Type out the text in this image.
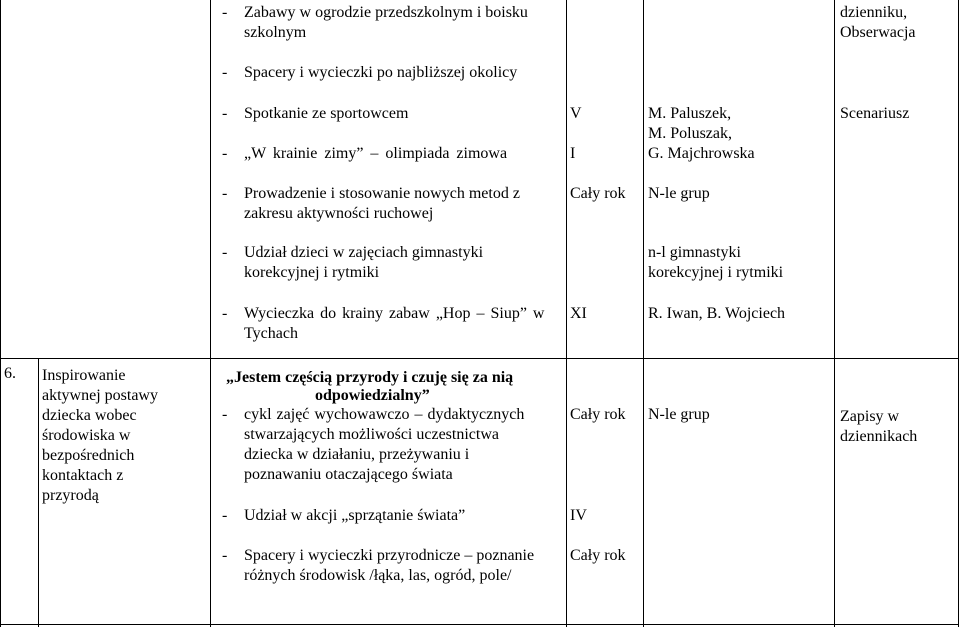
- Zabawy w ogrodzie przedszkolnym i boisku
szkolnym
- Spacery i wycieczki po najbliższej okolicy
- Spotkanie ze sportowcem
- „W krainie zimy” – olimpiada zimowa
- Prowadzenie i stosowanie nowych metod z
zakresu aktywności ruchowej
- Udział dzieci w zajęciach gimnastyki
korekcyjnej i rytmiki
- Wycieczka do krainy zabaw „Hop – Siup” w
Tychach
V
I
Cały rok
XI
M. Paluszek,
M. Poluszak,
G. Majchrowska
N-le grup
n-l gimnastyki
korekcyjnej i rytmiki
R. Iwan, B. Wojciech
dzienniku,
Obserwacja
Scenariusz
6. Inspirowanie
aktywnej postawy
dziecka wobec
środowiska w
bezpośrednich
kontaktach z
przyrodą
„Jestem częścią przyrody i czuję się za nią
odpowiedzialny”
- cykl zajęć wychowawczo – dydaktycznych
stwarzających możliwości uczestnictwa
dziecka w działaniu, przeżywaniu i
poznawaniu otaczającego świata
- Udział w akcji „sprzątanie świata”
- Spacery i wycieczki przyrodnicze – poznanie
różnych środowisk /łąka, las, ogród, pole/
Cały rok
IV
Cały rok
N-le grup	Zapisy w
dziennikach
